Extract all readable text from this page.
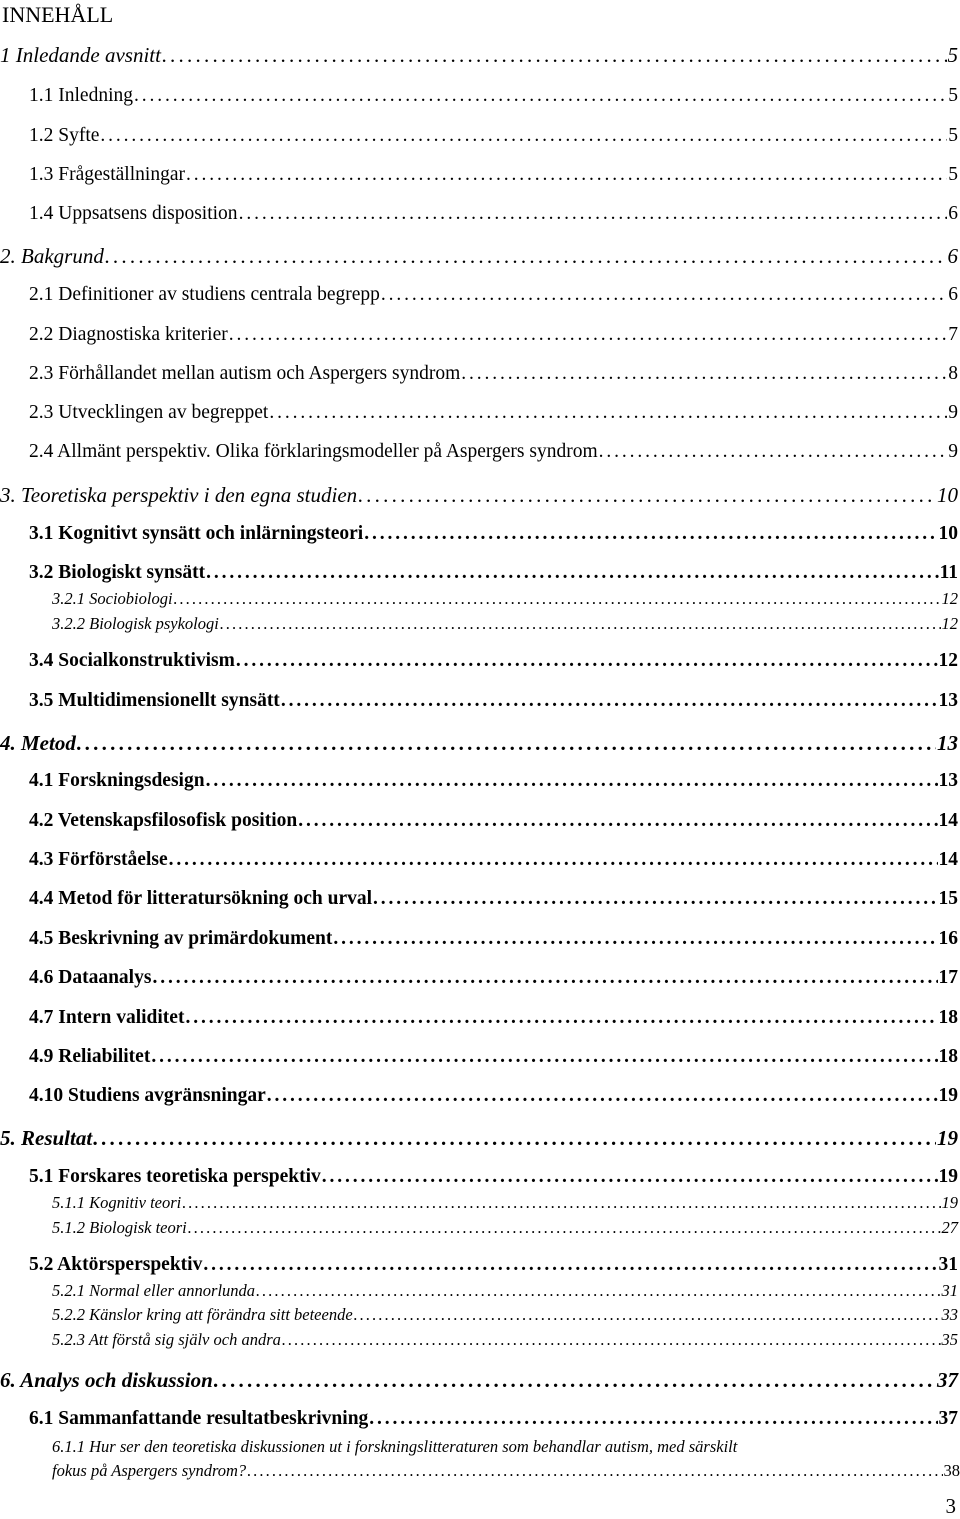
INNEHÅLL
1 Inledande avsnitt . . .	5
1.1 Inledning . . .	5
1.2 Syfte . . .	5
1.3 Frågeställningar . . .	5
1.4 Uppsatsens disposition . . .	6
2. Bakgrund . . .	6
2.1 Definitioner av studiens centrala begrepp . . .	6
2.2 Diagnostiska kriterier . . .	7
2.3 Förhållandet mellan autism och Aspergers syndrom . . .	8
2.3 Utvecklingen av begreppet . . .	9
2.4 Allmänt perspektiv. Olika förklaringsmodeller på Aspergers syndrom . . .	9
3. Teoretiska perspektiv i den egna studien . . .	10
3.1 Kognitivt synsätt och inlärningsteori . . .	10
3.2 Biologiskt synsätt . . .	11
3.2.1 Sociobiologi . . .	12
3.2.2 Biologisk psykologi . . .	12
3.4 Socialkonstruktivism . . .	12
3.5 Multidimensionellt synsätt . . .	13
4. Metod . . .	13
4.1 Forskningsdesign . . .	13
4.2 Vetenskapsfilosofisk position . . .	14
4.3 Förförståelse . . .	14
4.4 Metod för litteratursökning och urval . . .	15
4.5 Beskrivning av primärdokument . . .	16
4.6 Dataanalys . . .	17
4.7 Intern validitet . . .	18
4.9 Reliabilitet . . .	18
4.10 Studiens avgränsningar . . .	19
5. Resultat . . .	19
5.1 Forskares teoretiska perspektiv . . .	19
5.1.1 Kognitiv teori . . .	19
5.1.2 Biologisk teori . . .	27
5.2 Aktörsperspektiv . . .	31
5.2.1 Normal eller annorlunda . . .	31
5.2.2 Känslor kring att förändra sitt beteende . . .	33
5.2.3 Att förstå sig själv och andra . . .	35
6. Analys och diskussion . . .	37
6.1 Sammanfattande resultatbeskrivning . . .	37
6.1.1 Hur ser den teoretiska diskussionen ut i forskningslitteraturen som behandlar autism, med särskilt
fokus på Aspergers syndrom? . . .	38
3
